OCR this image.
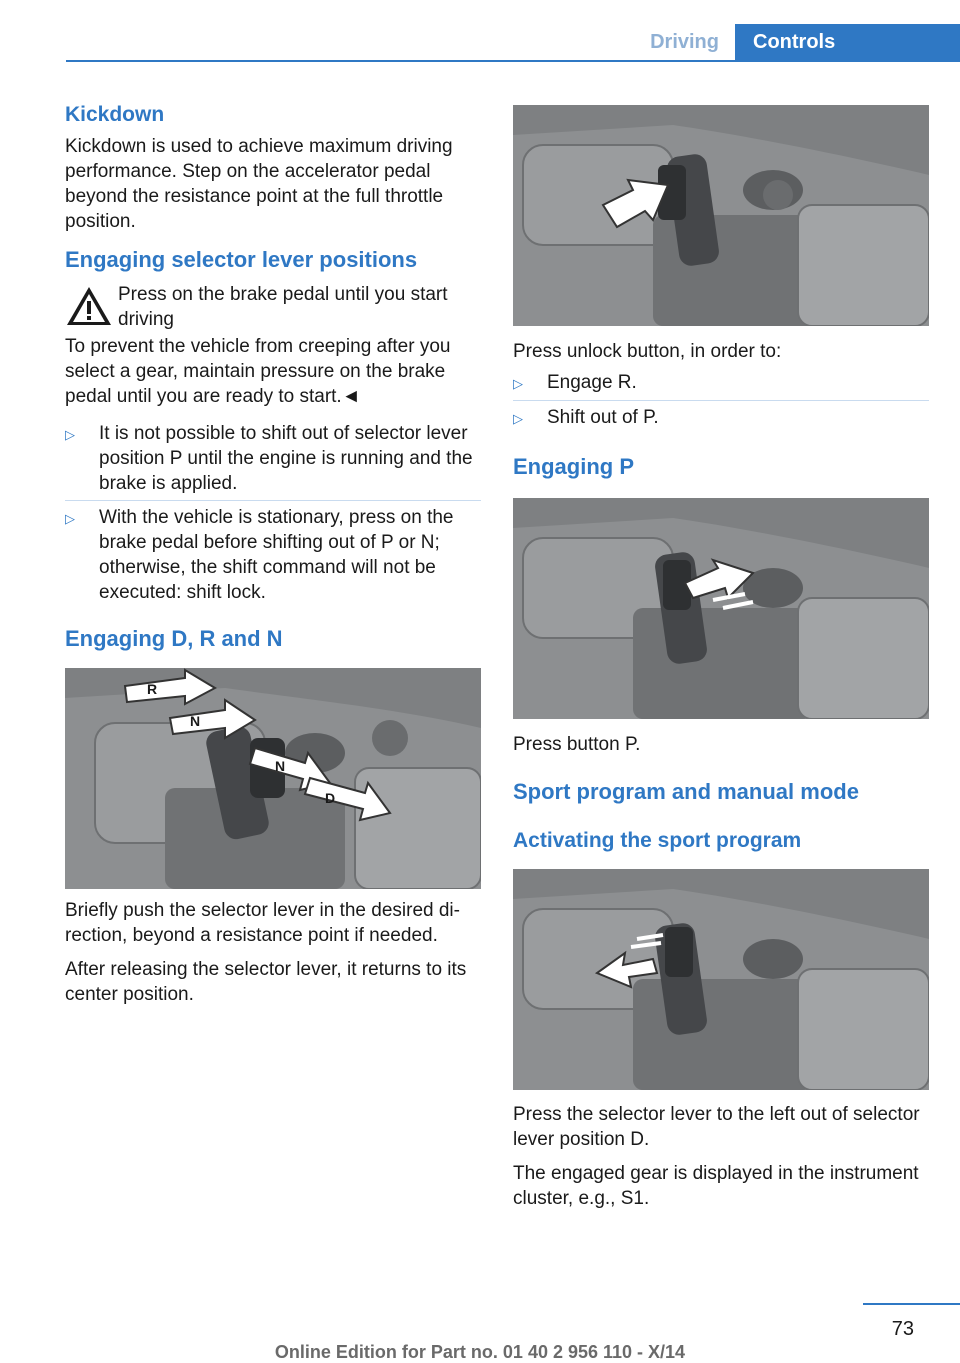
Driving	Controls

Kickdown

Kickdown is used to achieve maximum driving performance. Step on the accelerator pedal beyond the resistance point at the full throttle position.

Engaging selector lever positions

Press on the brake pedal until you start driving

To prevent the vehicle from creeping after you select a gear, maintain pressure on the brake pedal until you are ready to start.◄

▷	It is not possible to shift out of selector lever position P until the engine is running and the brake is applied.
▷	With the vehicle is stationary, press on the brake pedal before shifting out of P or N; otherwise, the shift command will not be executed: shift lock.

Engaging D, R and N

R
N
N
D

Briefly push the selector lever in the desired direction, beyond a resistance point if needed.

After releasing the selector lever, it returns to its center position.

Press unlock button, in order to:

▷	Engage R.
▷	Shift out of P.

Engaging P

Press button P.

Sport program and manual mode

Activating the sport program

Press the selector lever to the left out of selector lever position D.

The engaged gear is displayed in the instrument cluster, e.g., S1.

73
Online Edition for Part no. 01 40 2 956 110 - X/14
